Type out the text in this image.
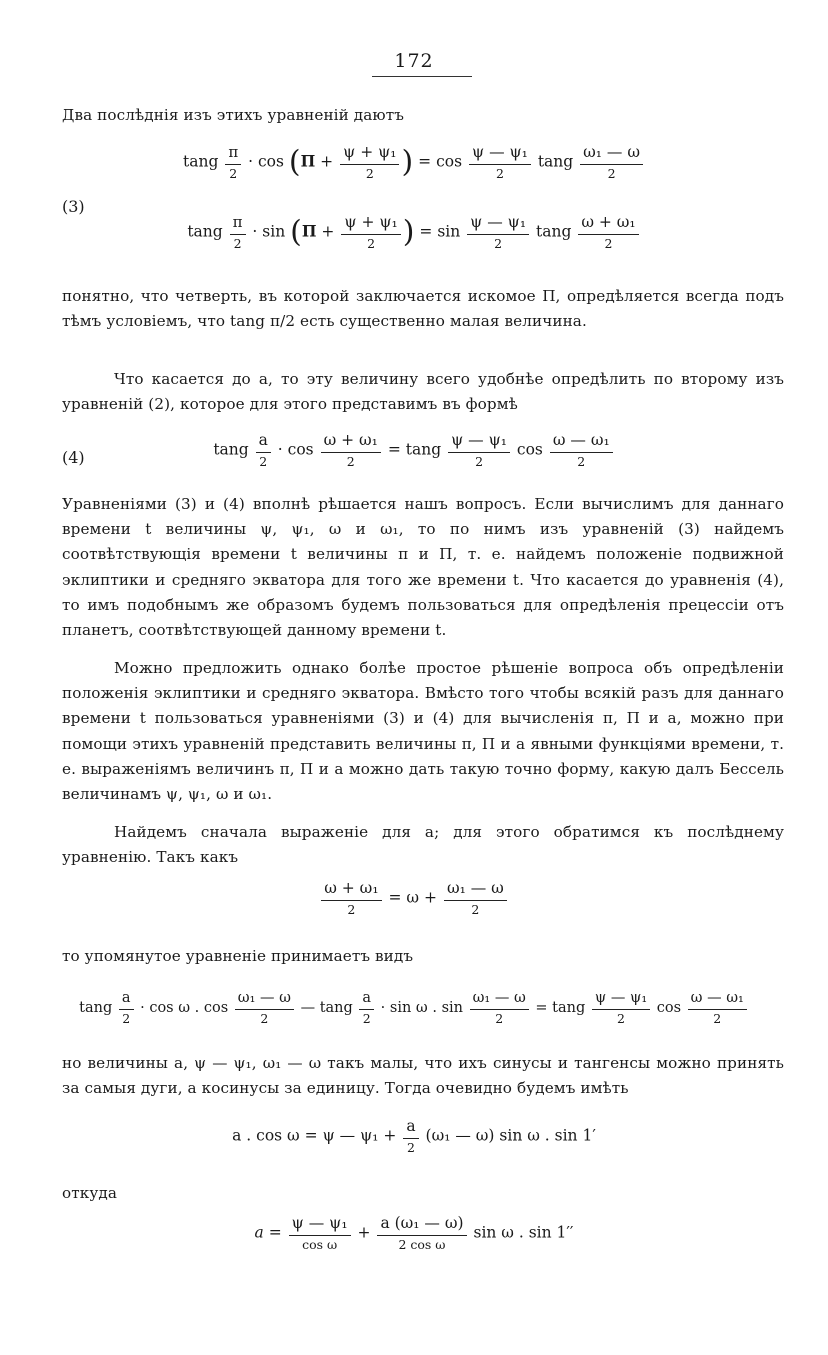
172

Два послѣднія изъ этихъ уравненій даютъ

tang $\frac{\pi}{2} \cdot \cos (\Pi + \frac{\text{ψ + ψ₁}}{2}$ ) = $\cos \frac{\text{ψ — ψ₁}}{2}$ tang $\frac{\text{ω₁ — ω}}{2}$
(3)
tang $\frac{\pi}{2} \cdot \sin (\Pi + \frac{\text{ψ + ψ₁}}{2}$ ) = $\sin \frac{\text{ψ — ψ₁}}{2}$ tang $\frac{\text{ω + ω₁}}{2}$

понятно, что четверть, въ которой заключается искомое Π, опредѣляется всегда подъ тѣмъ условіемъ, что tang π/2 есть существенно малая величина.

Что касается до a, то эту величину всего удобнѣе опредѣлить по второму изъ уравненій (2), которое для этого представимъ въ формѣ

(4)	tang $\frac{a}{2} \cdot \cos \frac{\text{ω + ω₁}}{2} = \tan g \frac{\text{ψ — ψ₁}}{2}$ $\cos \frac{\text{ω — ω₁}}{2}$

Уравненіями (3) и (4) вполнѣ рѣшается нашъ вопросъ. Если вычислимъ для даннаго времени t величины ψ, ψ₁, ω и ω₁, то по нимъ изъ уравненій (3) найдемъ соотвѣтствующія времени t величины π и Π, т. е. найдемъ положеніе подвижной эклиптики и средняго экватора для того же времени t. Что касается до уравненія (4), то имъ подобнымъ же образомъ будемъ пользоваться для опредѣленія прецессіи отъ планетъ, соотвѣтствующей данному времени t.

Можно предложить однако болѣе простое рѣшеніе вопроса объ опредѣленіи положенія эклиптики и средняго экватора. Вмѣсто того чтобы всякій разъ для даннаго времени t пользоваться уравненіями (3) и (4) для вычисленія π, Π и a, можно при помощи этихъ уравненій представить величины π, Π и a явными функціями времени, т. е. выраженіямъ величинъ π, Π и a можно дать такую точно форму, какую далъ Бессель величинамъ ψ, ψ₁, ω и ω₁.

Найдемъ сначала выраженіе для a; для этого обратимся къ послѣднему уравненію. Такъ какъ

$\frac{\text{ω + ω₁}}{2} = \omega + \frac{\text{ω₁ — ω}}{2}$

то упомянутое уравненіе принимаетъ видъ

tang $\frac{a}{2} \cdot \cos \omega$ . $\cos \frac{\text{ω₁ — ω}}{2}$ — tang $\frac{a}{2} \cdot \sin \omega$ . $\sin \frac{\text{ω₁ — ω}}{2} = \tan g \frac{\text{ψ — ψ₁}}{2}$ $\cos \frac{\text{ω — ω₁}}{2}$

но величины a, ψ — ψ₁, ω₁ — ω такъ малы, что ихъ синусы и тангенсы можно принять за самыя дуги, а косинусы за единицу. Тогда очевидно будемъ имѣть

a . cos ω = ψ — $\psi_1 + \frac{a}{2} (\omega_1$ — ω) sin ω . sin 1′

откуда

$a = \frac{\text{ψ — ψ₁}}{\text{cos ω}} + \frac{\text{a (ω₁ — ω)}}{\text{2 cos ω}}$ sin ω . sin 1′′
